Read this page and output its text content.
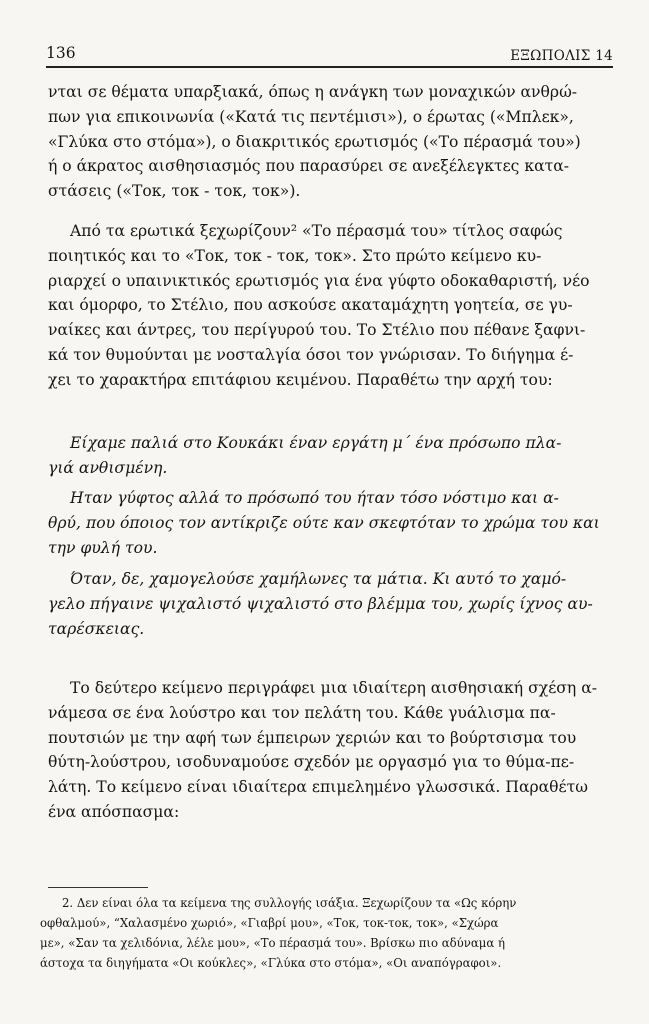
136	ΕΞΩΠΟΛΙΣ 14
νται σε θέματα υπαρξιακά, όπως η ανάγκη των μοναχικών ανθρώ-
πων για επικοινωνία («Κατά τις πεντέμισι»), ο έρωτας («Μπλεκ»,
«Γλύκα στο στόμα»), ο διακριτικός ερωτισμός («Το πέρασμά του»)
ή ο άκρατος αισθησιασμός που παρασύρει σε ανεξέλεγκτες κατα-
στάσεις («Τοκ, τοκ - τοκ, τοκ»).
Από τα ερωτικά ξεχωρίζουν² «Το πέρασμά του» τίτλος σαφώς
ποιητικός και το «Τοκ, τοκ - τοκ, τοκ». Στο πρώτο κείμενο κυ-
ριαρχεί ο υπαινικτικός ερωτισμός για ένα γύφτο οδοκαθαριστή, νέο
και όμορφο, το Στέλιο, που ασκούσε ακαταμάχητη γοητεία, σε γυ-
ναίκες και άντρες, του περίγυρού του. Το Στέλιο που πέθανε ξαφνι-
κά τον θυμούνται με νοσταλγία όσοι τον γνώρισαν. Το διήγημα έ-
χει το χαρακτήρα επιτάφιου κειμένου. Παραθέτω την αρχή του:
Είχαμε παλιά στο Κουκάκι έναν εργάτη μ΄ ένα πρόσωπο πλα-
γιά ανθισμένη.
Ηταν γύφτος αλλά το πρόσωπό του ήταν τόσο νόστιμο και α-
θρύ, που όποιος τον αντίκριζε ούτε καν σκεφτόταν το χρώμα του και
την φυλή του.
Όταν, δε, χαμογελούσε χαμήλωνες τα μάτια. Κι αυτό το χαμό-
γελο πήγαινε ψιχαλιστό ψιχαλιστό στο βλέμμα του, χωρίς ίχνος αυ-
ταρέσκειας.
Το δεύτερο κείμενο περιγράφει μια ιδιαίτερη αισθησιακή σχέση α-
νάμεσα σε ένα λούστρο και τον πελάτη του. Κάθε γυάλισμα πα-
πουτσιών με την αφή των έμπειρων χεριών και το βούρτσισμα του
θύτη-λούστρου, ισοδυναμούσε σχεδόν με οργασμό για το θύμα-πε-
λάτη. Το κείμενο είναι ιδιαίτερα επιμελημένο γλωσσικά. Παραθέτω
ένα απόσπασμα:
2. Δεν είναι όλα τα κείμενα της συλλογής ισάξια. Ξεχωρίζουν τα «Ως κόρην
οφθαλμού», “Χαλασμένο χωριό», «Γιαβρί μου», «Τοκ, τοκ-τοκ, τοκ», «Σχώρα
με», «Σαν τα χελιδόνια, λέλε μου», «Το πέρασμά του». Βρίσκω πιο αδύναμα ή
άστοχα τα διηγήματα «Οι κούκλες», «Γλύκα στο στόμα», «Οι αναπόγραφοι».
